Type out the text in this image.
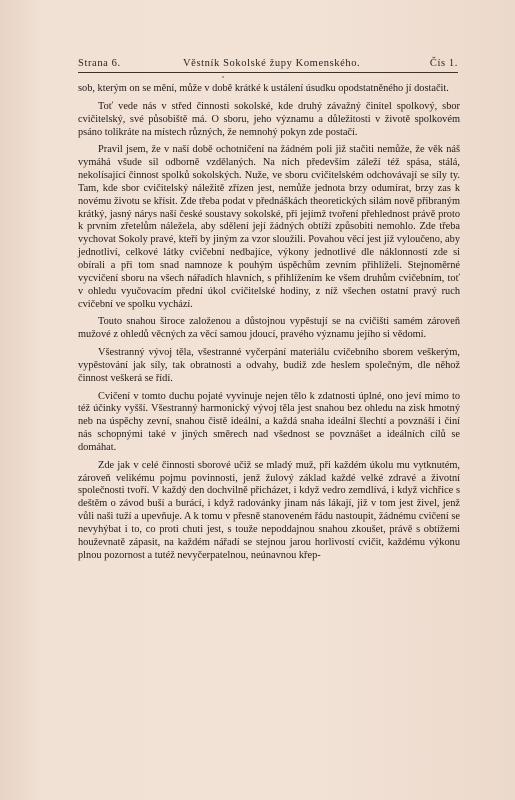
Strana 6.	Věstník Sokolské župy Komenského.	Čís 1.

sob, kterým on se mění, může v době krátké k ustálení úsudku opodstatněného jí dostačit.

Toť vede nás v střed činnosti sokolské, kde druhý závažný činitel spolkový, sbor cvičitelský, své působiště má. O sboru, jeho významu a důležitosti v životě spolkovém psáno tolikráte na místech různých, že nemnohý pokyn zde postačí.

Pravil jsem, že v naší době ochotničení na žádném poli již stačiti nemůže, že věk náš vymáhá všude sil odborně vzdělaných. Na nich především záleží též spása, stálá, nekolísající činnost spolků sokolských. Nuže, ve sboru cvičitelském odchovávají se síly ty. Tam, kde sbor cvičitelský náležitě zřízen jest, nemůže jednota brzy odumírat, brzy zas k novému životu se křísit. Zde třeba podat v přednáškách theoretických silám nově přibraným krátký, jasný nárys naší české soustavy sokolské, při jejímž tvoření přehlednost právě proto k prvním zřetelům náležela, aby sdělení její žádných obtíží způsobiti nemohlo. Zde třeba vychovat Sokoly pravé, kteří by jiným za vzor sloužili. Povahou věcí jest již vyloučeno, aby jednotliví, celkové látky cvičební nedbajíce, výkony jednotlivé dle náklonnosti zde si obírali a při tom snad namnoze k pouhým úspěchům zevním přihlíželi. Stejnoměrné vycvičení sboru na všech nářadích hlavních, s přihlížením ke všem druhům cvičebním, toť v ohledu vyučovacím přední úkol cvičitelské hodiny, z níž všechen ostatní pravý ruch cvičební ve spolku vychází.

Touto snahou široce založenou a důstojnou vypěstují se na cvičišti samém zároveň mužové z ohledů věcných za věcí samou jdoucí, pravého významu jejího si vědomí.

Všestranný vývoj těla, všestranné vyčerpání materiálu cvičebního sborem veškerým, vypěstování jak síly, tak obratnosti a odvahy, budiž zde heslem společným, dle něhož činnost veškerá se řídí.

Cvičení v tomto duchu pojaté vyvinuje nejen tělo k zdatnosti úplné, ono jeví mimo to též účinky vyšší. Všestranný harmonický vývoj těla jest snahou bez ohledu na zisk hmotný neb na úspěchy zevní, snahou čistě ideální, a každá snaha ideální šlechtí a povznáší i činí nás schopnými také v jiných směrech nad všednost se povznášet a ideálních cílů se domáhat.

Zde jak v celé činnosti sborové učiž se mladý muž, při každém úkolu mu vytknutém, zároveň velikému pojmu povinnosti, jenž žulový základ každé velké zdravé a životní společnosti tvoří. V každý den dochvilně přicházet, i když vedro zemdlívá, i když vichřice s deštěm o závod buší a burácí, i když radovánky jinam nás lákají, již v tom jest živel, jenž vůli naši tuží a upevňuje. A k tomu v přesně stanoveném řádu nastoupit, žádnému cvičení se nevyhýbat i to, co proti chuti jest, s touže nepoddajnou snahou zkoušet, právě s obtížemi houževnatě zápasit, na každém nářadí se stejnou jarou horlivostí cvičit, každému výkonu plnou pozornost a tutéž nevyčerpatelnou, neúnavnou křep-
